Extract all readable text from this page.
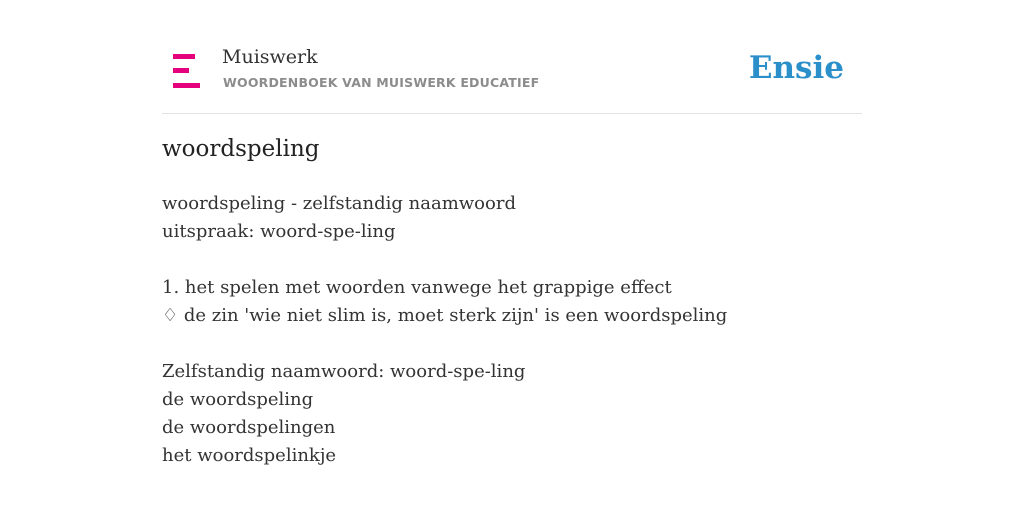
Muiswerk
WOORDENBOEK VAN MUISWERK EDUCATIEF	Ensie
woordspeling
woordspeling - zelfstandig naamwoord
uitspraak: woord-spe-ling
1. het spelen met woorden vanwege het grappige effect
♢ de zin 'wie niet slim is, moet sterk zijn' is een woordspeling
Zelfstandig naamwoord: woord-spe-ling
de woordspeling
de woordspelingen
het woordspelinkje
